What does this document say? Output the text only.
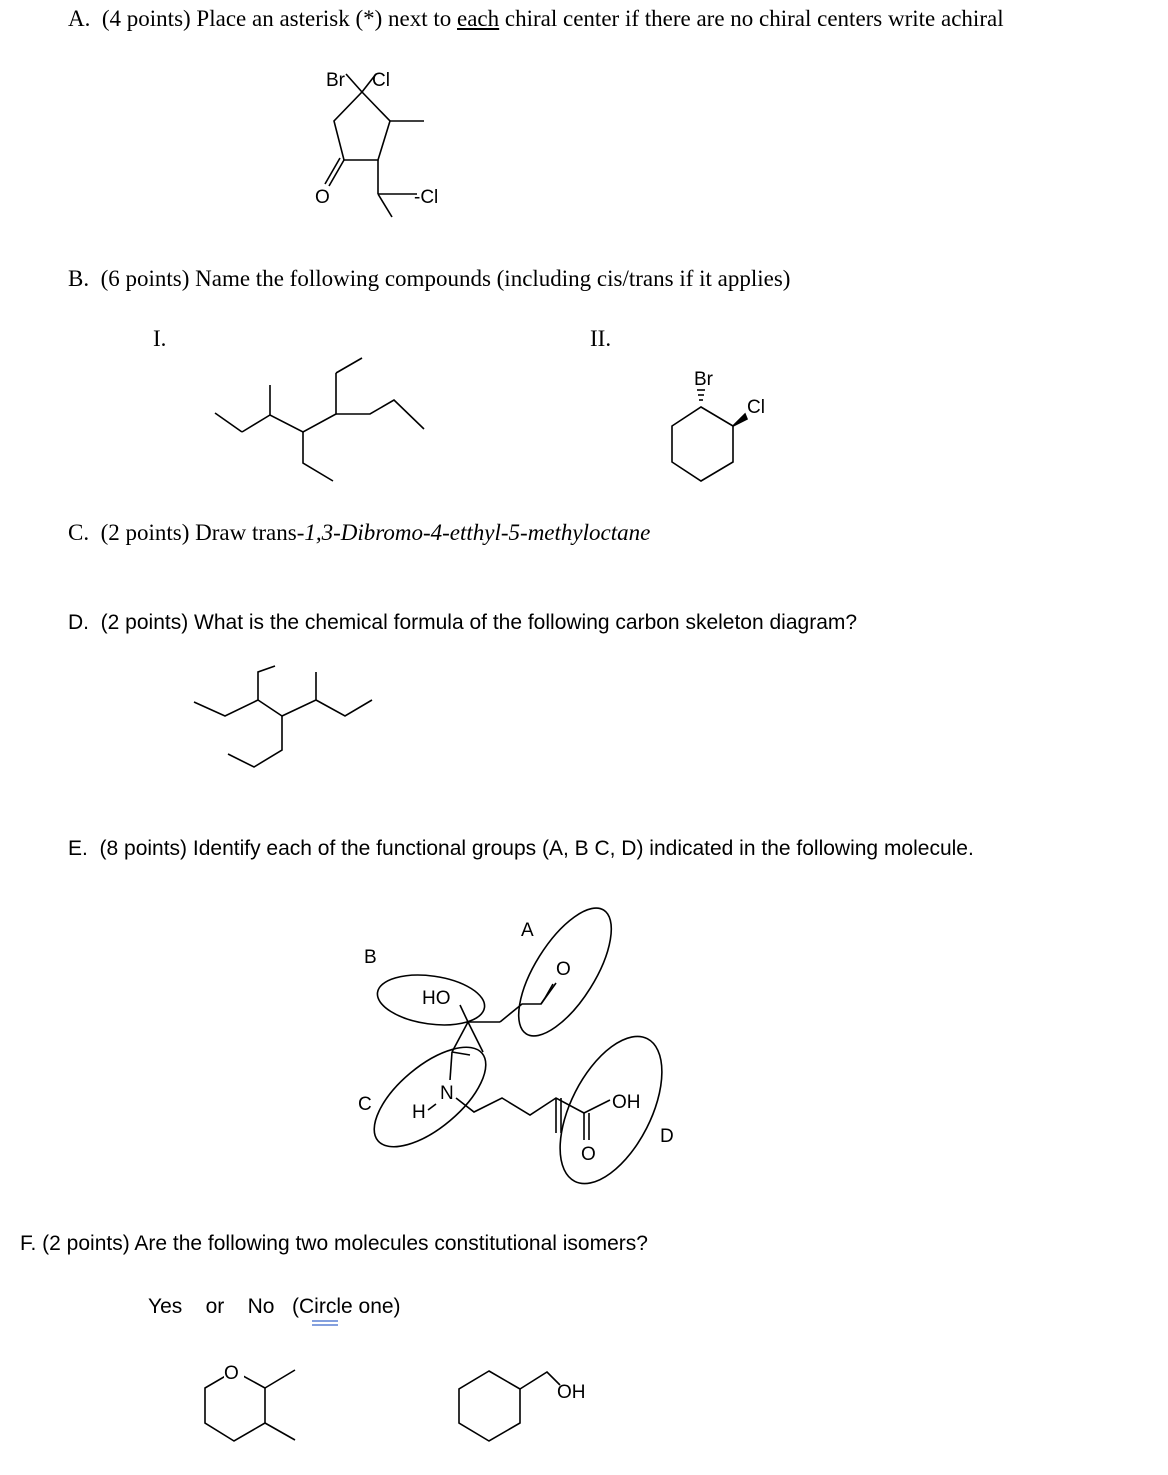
A. (4 points) Place an asterisk (*) next to each chiral center if there are no chiral centers write achiral
B. (6 points) Name the following compounds (including cis/trans if it applies)
I.	II.
C. (2 points) Draw trans-1,3-Dibromo-4-etthyl-5-methyloctane
D. (2 points) What is the chemical formula of the following carbon skeleton diagram?
E. (8 points) Identify each of the functional groups (A, B C, D) indicated in the following molecule.
F. (2 points) Are the following two molecules constitutional isomers?
Yes or No (Circle one)
Br Cl
O	-Cl
Br
Cl
A
B
C
D
O
HO
N
H	OH
O
O
OH
